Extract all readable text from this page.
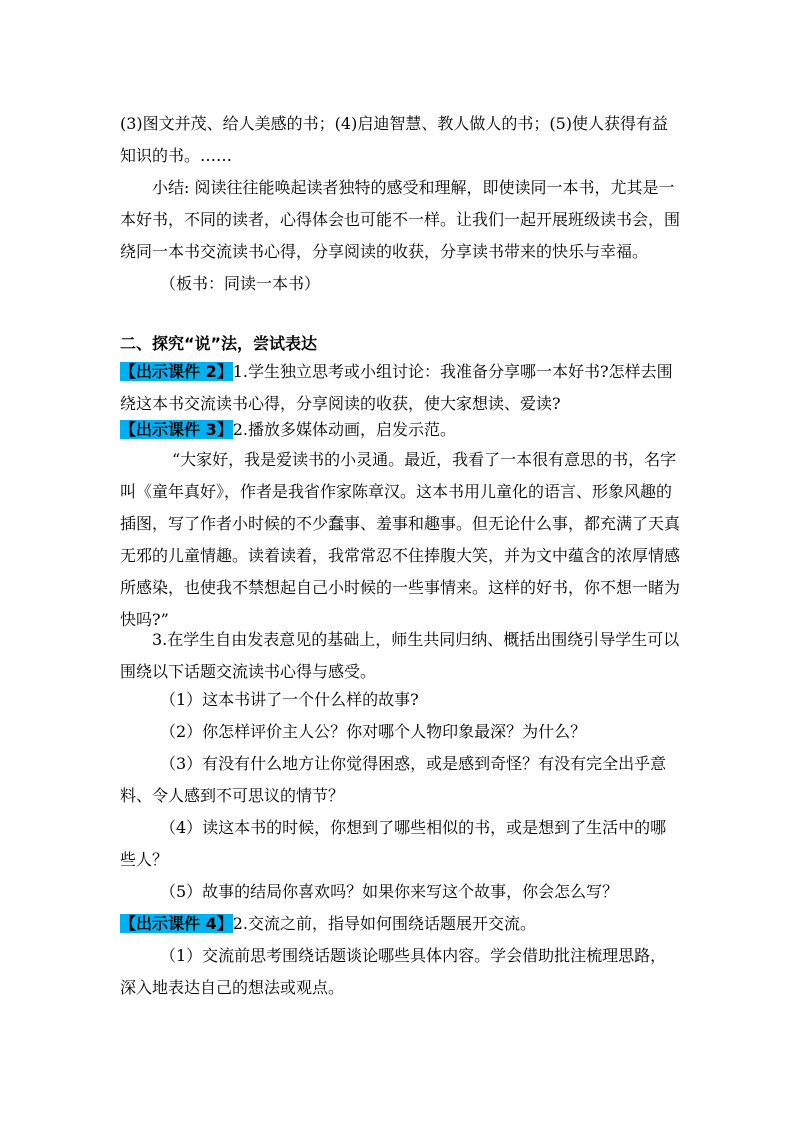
(3)图文并茂、给人美感的书；(4)启迪智慧、教人做人的书；(5)使人获得有益知识的书。……

小结: 阅读往往能唤起读者独特的感受和理解，即使读同一本书，尤其是一本好书，不同的读者，心得体会也可能不一样。让我们一起开展班级读书会，围绕同一本书交流读书心得，分享阅读的收获，分享读书带来的快乐与幸福。

（板书：同读一本书）

二、探究“说”法，尝试表达

【出示课件 2】1.学生独立思考或小组讨论：我准备分享哪一本好书?怎样去围绕这本书交流读书心得，分享阅读的收获，使大家想读、爱读?

【出示课件 3】2.播放多媒体动画，启发示范。

“大家好，我是爱读书的小灵通。最近，我看了一本很有意思的书，名字叫《童年真好》，作者是我省作家陈章汉。这本书用儿童化的语言、形象风趣的插图，写了作者小时候的不少蠢事、羞事和趣事。但无论什么事，都充满了天真无邪的儿童情趣。读着读着，我常常忍不住捧腹大笑，并为文中蕴含的浓厚情感所感染，也使我不禁想起自己小时候的一些事情来。这样的好书，你不想一睹为快吗?”

3.在学生自由发表意见的基础上，师生共同归纳、概括出围绕引导学生可以围绕以下话题交流读书心得与感受。

（1）这本书讲了一个什么样的故事?

（2）你怎样评价主人公？你对哪个人物印象最深？为什么？

（3）有没有什么地方让你觉得困惑，或是感到奇怪？有没有完全出乎意料、令人感到不可思议的情节？

（4）读这本书的时候，你想到了哪些相似的书，或是想到了生活中的哪些人？

（5）故事的结局你喜欢吗？如果你来写这个故事，你会怎么写？

【出示课件 4】2.交流之前，指导如何围绕话题展开交流。

（1）交流前思考围绕话题谈论哪些具体内容。学会借助批注梳理思路，深入地表达自己的想法或观点。
